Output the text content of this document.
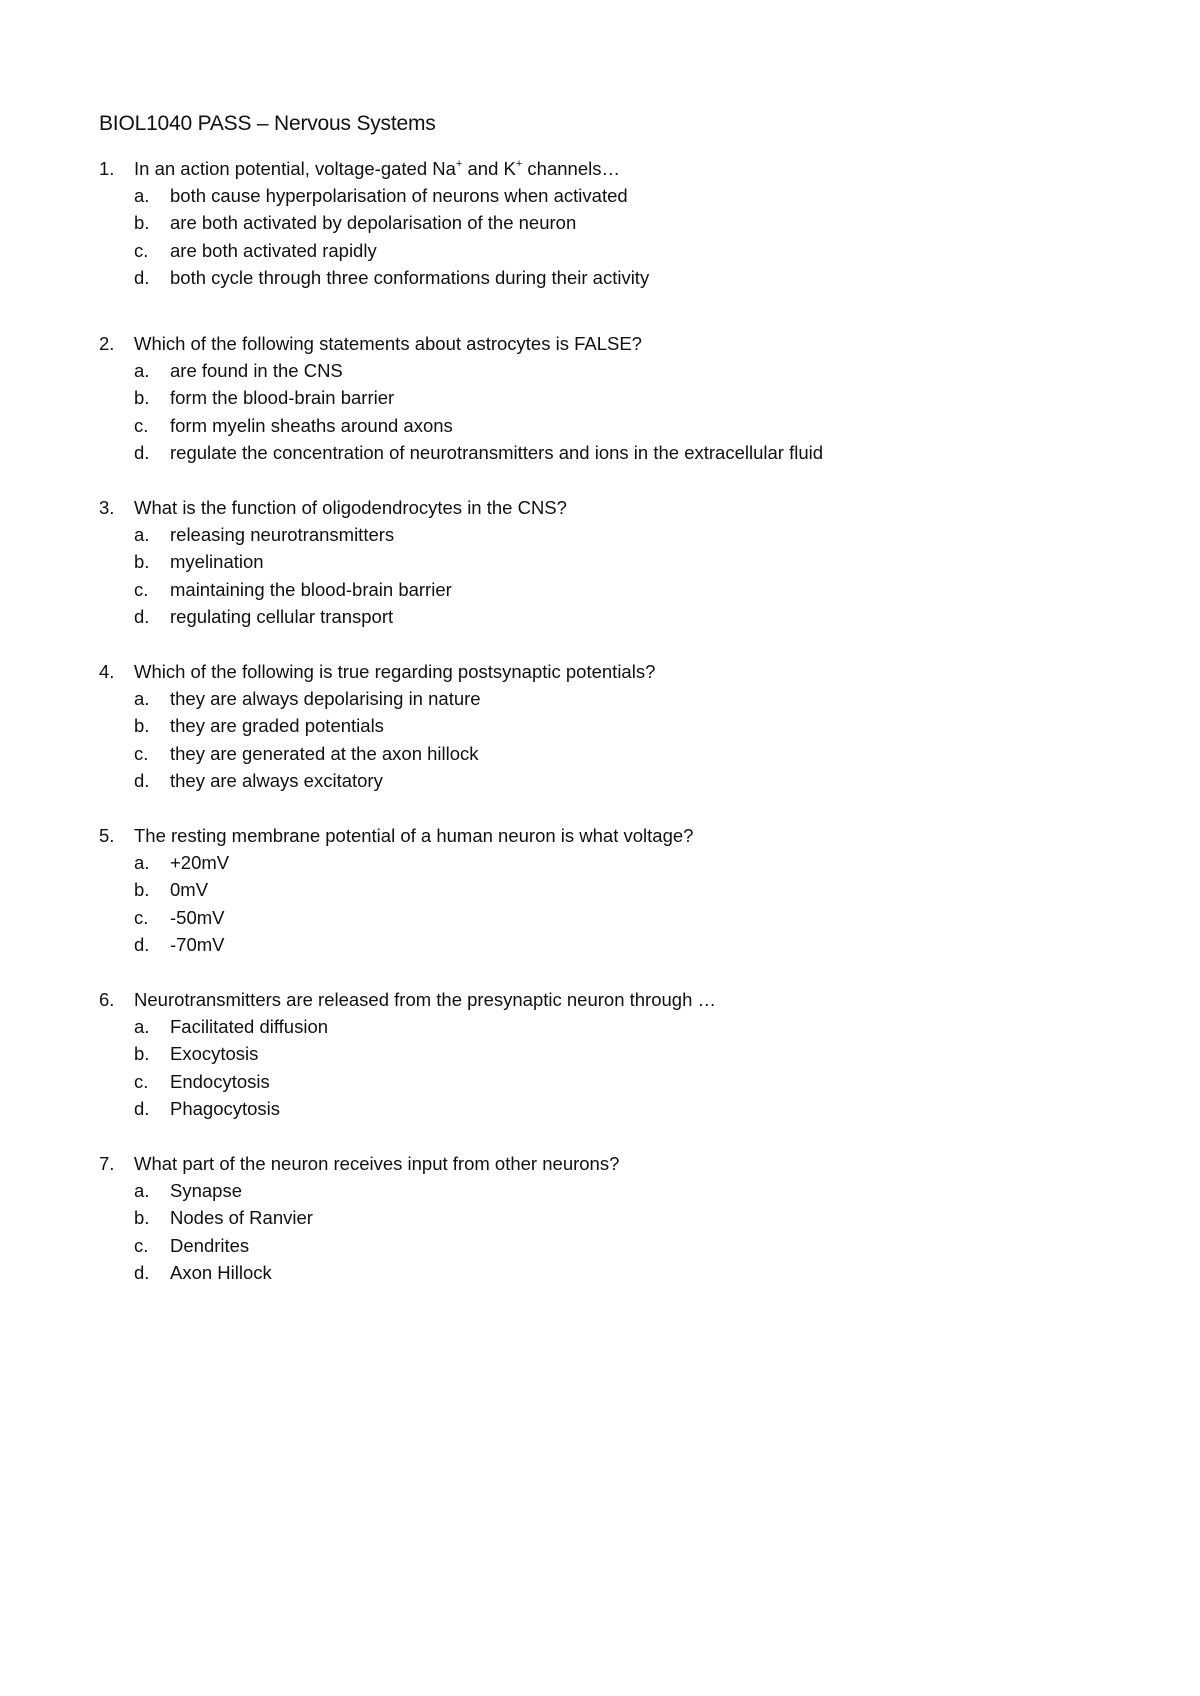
BIOL1040 PASS – Nervous Systems
1. In an action potential, voltage-gated Na+ and K+ channels…
a. both cause hyperpolarisation of neurons when activated
b. are both activated by depolarisation of the neuron
c. are both activated rapidly
d. both cycle through three conformations during their activity
2. Which of the following statements about astrocytes is FALSE?
a. are found in the CNS
b. form the blood-brain barrier
c. form myelin sheaths around axons
d. regulate the concentration of neurotransmitters and ions in the extracellular fluid
3. What is the function of oligodendrocytes in the CNS?
a. releasing neurotransmitters
b. myelination
c. maintaining the blood-brain barrier
d. regulating cellular transport
4. Which of the following is true regarding postsynaptic potentials?
a. they are always depolarising in nature
b. they are graded potentials
c. they are generated at the axon hillock
d. they are always excitatory
5. The resting membrane potential of a human neuron is what voltage?
a. +20mV
b. 0mV
c. -50mV
d. -70mV
6. Neurotransmitters are released from the presynaptic neuron through …
a. Facilitated diffusion
b. Exocytosis
c. Endocytosis
d. Phagocytosis
7. What part of the neuron receives input from other neurons?
a. Synapse
b. Nodes of Ranvier
c. Dendrites
d. Axon Hillock
